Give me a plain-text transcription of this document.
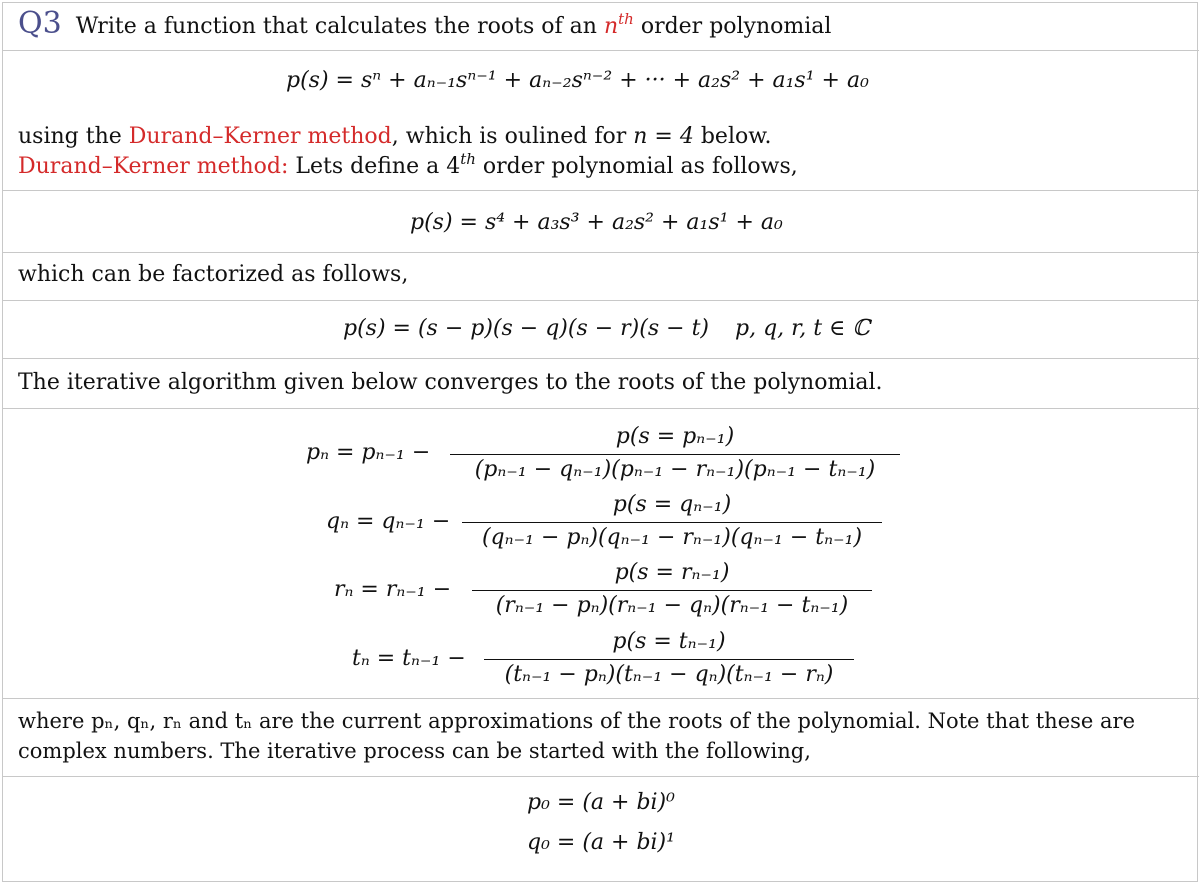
Q3 Write a function that calculates the roots of an $n^{th}$ order polynomial
p(s) = sⁿ + aₙ₋₁sⁿ⁻¹ + aₙ₋₂sⁿ⁻² + ··· + a₂s² + a₁s¹ + a₀
using the Durand–Kerner method, which is oulined for n = 4 below.
Durand–Kerner method: Lets define a 4th order polynomial as follows,
p(s) = s⁴ + a₃s³ + a₂s² + a₁s¹ + a₀
which can be factorized as follows,
p(s) = (s − p)(s − q)(s − r)(s − t) p, q, r, t ∈ ℂ
The iterative algorithm given below converges to the roots of the polynomial.
pₙ = pₙ₋₁ −
p(s = pₙ₋₁)
(pₙ₋₁ − qₙ₋₁)(pₙ₋₁ − rₙ₋₁)(pₙ₋₁ − tₙ₋₁)
qₙ = qₙ₋₁ −
p(s = qₙ₋₁)
(qₙ₋₁ − pₙ)(qₙ₋₁ − rₙ₋₁)(qₙ₋₁ − tₙ₋₁)
rₙ = rₙ₋₁ −
p(s = rₙ₋₁)
(rₙ₋₁ − pₙ)(rₙ₋₁ − qₙ)(rₙ₋₁ − tₙ₋₁)
tₙ = tₙ₋₁ −
p(s = tₙ₋₁)
(tₙ₋₁ − pₙ)(tₙ₋₁ − qₙ)(tₙ₋₁ − rₙ)
where pₙ, qₙ, rₙ and tₙ are the current approximations of the roots of the polynomial. Note that these are
complex numbers. The iterative process can be started with the following,
p₀ = (a + bi)⁰
q₀ = (a + bi)¹
